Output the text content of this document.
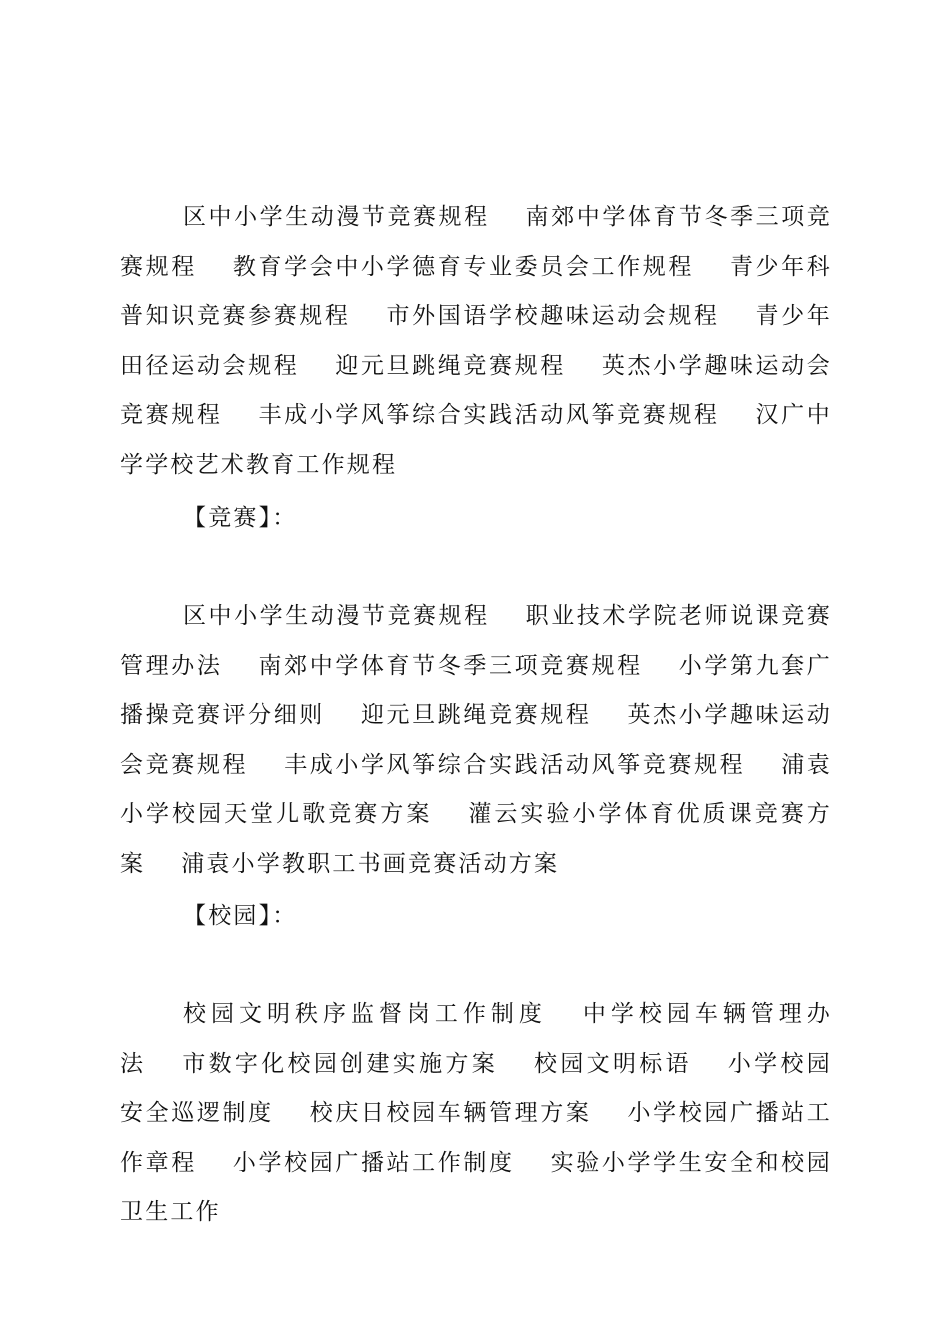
区中小学生动漫节竞赛规程 南郊中学体育节冬季三项竞赛规程 教育学会中小学德育专业委员会工作规程 青少年科普知识竞赛参赛规程 市外国语学校趣味运动会规程 青少年田径运动会规程 迎元旦跳绳竞赛规程 英杰小学趣味运动会竞赛规程 丰成小学风筝综合实践活动风筝竞赛规程 汉广中学学校艺术教育工作规程

【竞赛】：

区中小学生动漫节竞赛规程 职业技术学院老师说课竞赛管理办法 南郊中学体育节冬季三项竞赛规程 小学第九套广播操竞赛评分细则 迎元旦跳绳竞赛规程 英杰小学趣味运动会竞赛规程 丰成小学风筝综合实践活动风筝竞赛规程 浦袁小学校园天堂儿歌竞赛方案 灌云实验小学体育优质课竞赛方案 浦袁小学教职工书画竞赛活动方案

【校园】：

校园文明秩序监督岗工作制度 中学校园车辆管理办法 市数字化校园创建实施方案 校园文明标语 小学校园安全巡逻制度 校庆日校园车辆管理方案 小学校园广播站工作章程 小学校园广播站工作制度 实验小学学生安全和校园卫生工作
